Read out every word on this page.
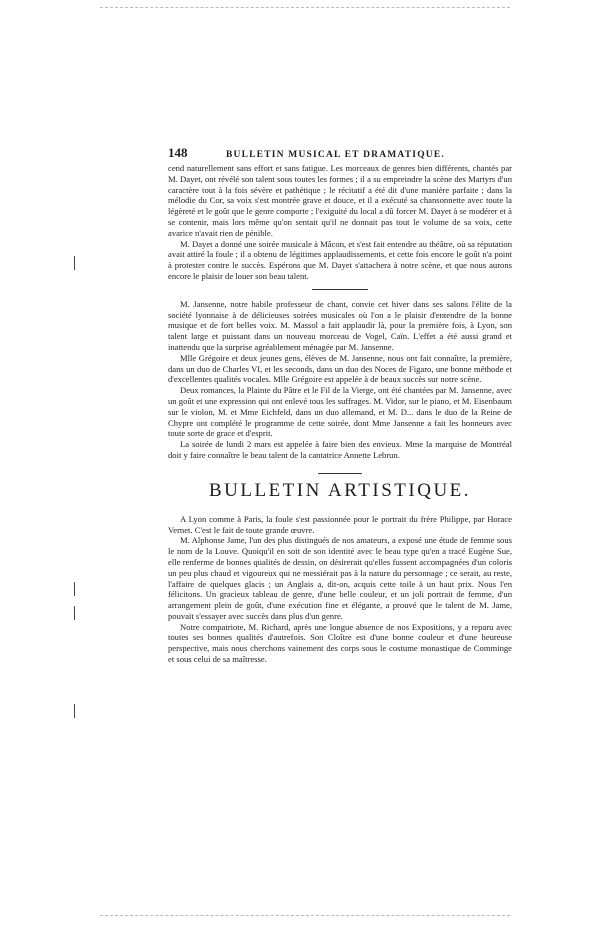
148	BULLETIN MUSICAL ET DRAMATIQUE.

cend naturellement sans effort et sans fatigue. Les morceaux de genres bien différents, chantés par M. Dayet, ont révélé son talent sous toutes les formes ; il a su empreindre la scène des Martyrs d'un caractère tout à la fois sévère et pathétique ; le récitatif a été dit d'une manière parfaite ; dans la mélodie du Cor, sa voix s'est montrée grave et douce, et il a exécuté sa chansonnette avec toute la légèreté et le goût que le genre comporte ; l'exiguité du local a dû forcer M. Dayet à se modérer et à se contenir, mais lors même qu'on sentait qu'il ne donnait pas tout le volume de sa voix, cette avarice n'avait rien de pénible.

M. Dayet a donné une soirée musicale à Mâcon, et s'est fait entendre au théâtre, où sa réputation avait attiré la foule ; il a obtenu de légitimes applaudissements, et cette fois encore le goût n'a point à protester contre le succès. Espérons que M. Dayet s'attachera à notre scène, et que nous aurons encore le plaisir de louer son beau talent.

M. Jansenne, notre habile professeur de chant, convie cet hiver dans ses salons l'élite de la société lyonnaise à de délicieuses soirées musicales où l'on a le plaisir d'entendre de la bonne musique et de fort belles voix. M. Massol a fait applaudir là, pour la première fois, à Lyon, son talent large et puissant dans un nouveau morceau de Vogel, Caïn. L'effet a été aussi grand et inattendu que la surprise agréablement ménagée par M. Jansenne.

Mlle Grégoire et deux jeunes gens, élèves de M. Jansenne, nous ont fait connaître, la première, dans un duo de Charles VI, et les seconds, dans un duo des Noces de Figaro, une bonne méthode et d'excellentes qualités vocales. Mlle Grégoire est appelée à de beaux succès sur notre scène.

Deux romances, la Plainte du Pâtre et le Fil de la Vierge, ont été chantées par M. Jansenne, avec un goût et une expression qui ont enlevé tous les suffrages. M. Vidor, sur le piano, et M. Eisenbaum sur le violon, M. et Mme Eichfeld, dans un duo allemand, et M. D... dans le duo de la Reine de Chypre ont complété le programme de cette soirée, dont Mme Jansenne a fait les honneurs avec toute sorte de grace et d'esprit.

La soirée de lundi 2 mars est appelée à faire bien des envieux. Mme la marquise de Montréal doit y faire connaître le beau talent de la cantatrice Annette Lebrun.

BULLETIN ARTISTIQUE.

A Lyon comme à Paris, la foule s'est passionnée pour le portrait du frère Philippe, par Horace Vernet. C'est le fait de toute grande œuvre.

M. Alphonse Jame, l'un des plus distingués de nos amateurs, a exposé une étude de femme sous le nom de la Louve. Quoiqu'il en soit de son identité avec le beau type qu'en a tracé Eugène Sue, elle renferme de bonnes qualités de dessin, on désirerait qu'elles fussent accompagnées d'un coloris un peu plus chaud et vigoureux qui ne messiérait pas à la nature du personnage ; ce serait, au reste, l'affaire de quelques glacis ; un Anglais a, dit-on, acquis cette toile à un haut prix. Nous l'en félicitons. Un gracieux tableau de genre, d'une belle couleur, et un joli portrait de femme, d'un arrangement plein de goût, d'une exécution fine et élégante, a prouvé que le talent de M. Jame, pouvait s'essayer avec succès dans plus d'un genre.

Notre compatriote, M. Richard, après une longue absence de nos Expositions, y a reparu avec toutes ses bonnes qualités d'autrefois. Son Cloître est d'une bonne couleur et d'une heureuse perspective, mais nous cherchons vainement des corps sous le costume monastique de Comminge et sous celui de sa maîtresse.
